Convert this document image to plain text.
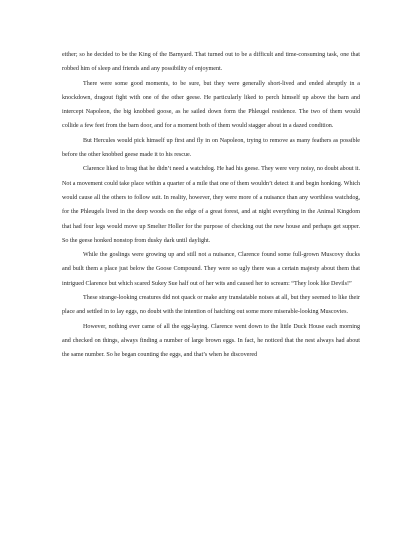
either; so he decided to be the King of the Barnyard. That turned out to be a difficult and time-consuming task, one that robbed him of sleep and friends and any possibility of enjoyment.

There were some good moments, to be sure, but they were generally short-lived and ended abruptly in a knockdown, dragout fight with one of the other geese. He particularly liked to perch himself up above the barn and intercept Napoleon, the big knobbed goose, as he sailed down form the Phleugel residence. The two of them would collide a few feet from the barn door, and for a moment both of them would stagger about in a dazed condition.

But Hercules would pick himself up first and fly in on Napoleon, trying to remove as many feathers as possible before the other knobbed geese made it to his rescue.

Clarence liked to brag that he didn’t need a watchdog. He had his geese. They were very noisy, no doubt about it. Not a movement could take place within a quarter of a mile that one of them wouldn’t detect it and begin honking. Which would cause all the others to follow suit. In reality, however, they were more of a nuisance than any worthless watchdog, for the Phleugels lived in the deep woods on the edge of a great forest, and at night everything in the Animal Kingdom that had four legs would move up Smelter Holler for the purpose of checking out the new house and perhaps get supper. So the geese honked nonstop from dusky dark until daylight.

While the goslings were growing up and still not a nuisance, Clarence found some full-grown Muscovy ducks and built them a place just below the Goose Compound. They were so ugly there was a certain majesty about them that intrigued Clarence but which scared Sukey Sue half out of her wits and caused her to scream: “They look like Devils!”

These strange-looking creatures did not quack or make any translatable noises at all, but they seemed to like their place and settled in to lay eggs, no doubt with the intention of hatching out some more miserable-looking Muscovies.

However, nothing ever came of all the egg-laying. Clarence went down to the little Duck House each morning and checked on things, always finding a number of large brown eggs. In fact, he noticed that the nest always had about the same number. So he began counting the eggs, and that’s when he discovered
